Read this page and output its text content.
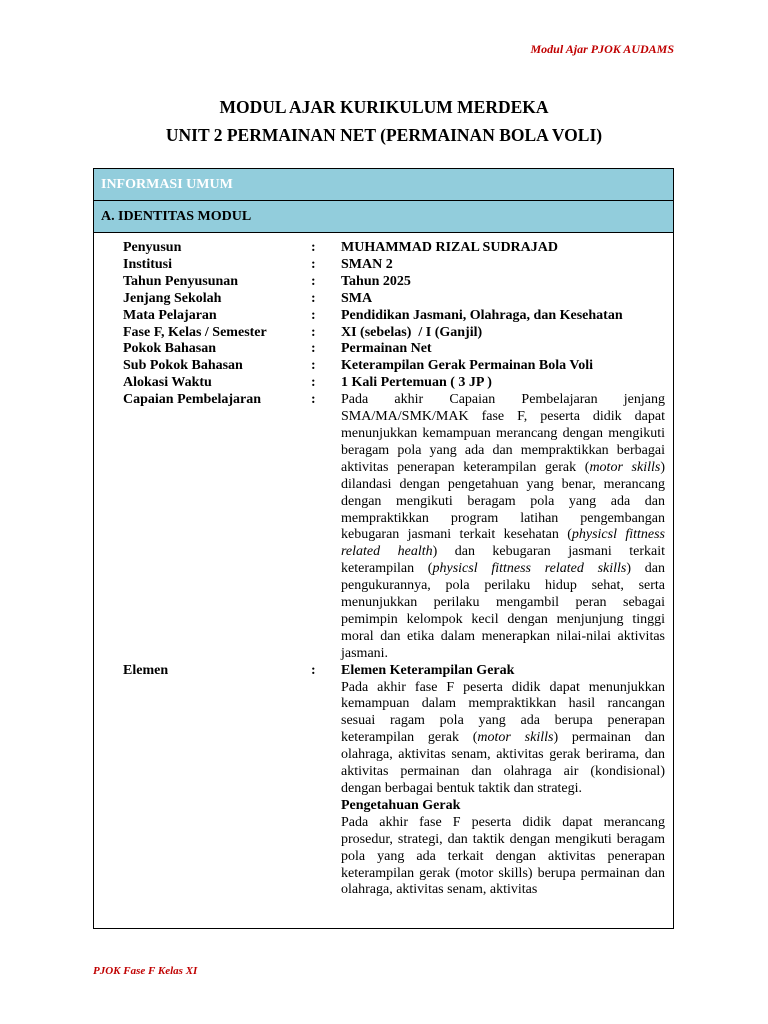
Modul Ajar PJOK AUDAMS
MODUL AJAR KURIKULUM MERDEKA
UNIT 2 PERMAINAN NET (PERMAINAN BOLA VOLI)
INFORMASI UMUM
A. IDENTITAS MODUL
Penyusun	:	MUHAMMAD RIZAL SUDRAJAD
Institusi	:	SMAN 2
Tahun Penyusunan	:	Tahun 2025
Jenjang Sekolah	:	SMA
Mata Pelajaran	:	Pendidikan Jasmani, Olahraga, dan Kesehatan
Fase F, Kelas / Semester	:	XI (sebelas)  / I (Ganjil)
Pokok Bahasan	:	Permainan Net
Sub Pokok Bahasan	:	Keterampilan Gerak Permainan Bola Voli
Alokasi Waktu	:	1 Kali Pertemuan ( 3 JP )
Capaian Pembelajaran	:	Pada akhir Capaian Pembelajaran jenjang SMA/MA/SMK/MAK fase F, peserta didik dapat menunjukkan kemampuan merancang dengan mengikuti beragam pola yang ada dan mempraktikkan berbagai aktivitas penerapan keterampilan gerak (motor skills) dilandasi dengan pengetahuan yang benar, merancang dengan mengikuti beragam pola yang ada dan mempraktikkan program latihan pengembangan kebugaran jasmani terkait kesehatan (physicsl fittness related health) dan kebugaran jasmani terkait keterampilan (physicsl fittness related skills) dan pengukurannya, pola perilaku hidup sehat, serta menunjukkan perilaku mengambil peran sebagai pemimpin kelompok kecil dengan menjunjung tinggi moral dan etika dalam menerapkan nilai-nilai aktivitas jasmani.
Elemen	:	Elemen Keterampilan Gerak
Pada akhir fase F peserta didik dapat menunjukkan kemampuan dalam mempraktikkan hasil rancangan sesuai ragam pola yang ada berupa penerapan keterampilan gerak (motor skills) permainan dan olahraga, aktivitas senam, aktivitas gerak berirama, dan aktivitas permainan dan olahraga air (kondisional) dengan berbagai bentuk taktik dan strategi.
Pengetahuan Gerak
Pada akhir fase F peserta didik dapat merancang prosedur, strategi, dan taktik dengan mengikuti beragam pola yang ada terkait dengan aktivitas penerapan keterampilan gerak (motor skills) berupa permainan dan olahraga, aktivitas senam, aktivitas
PJOK Fase F Kelas XI
